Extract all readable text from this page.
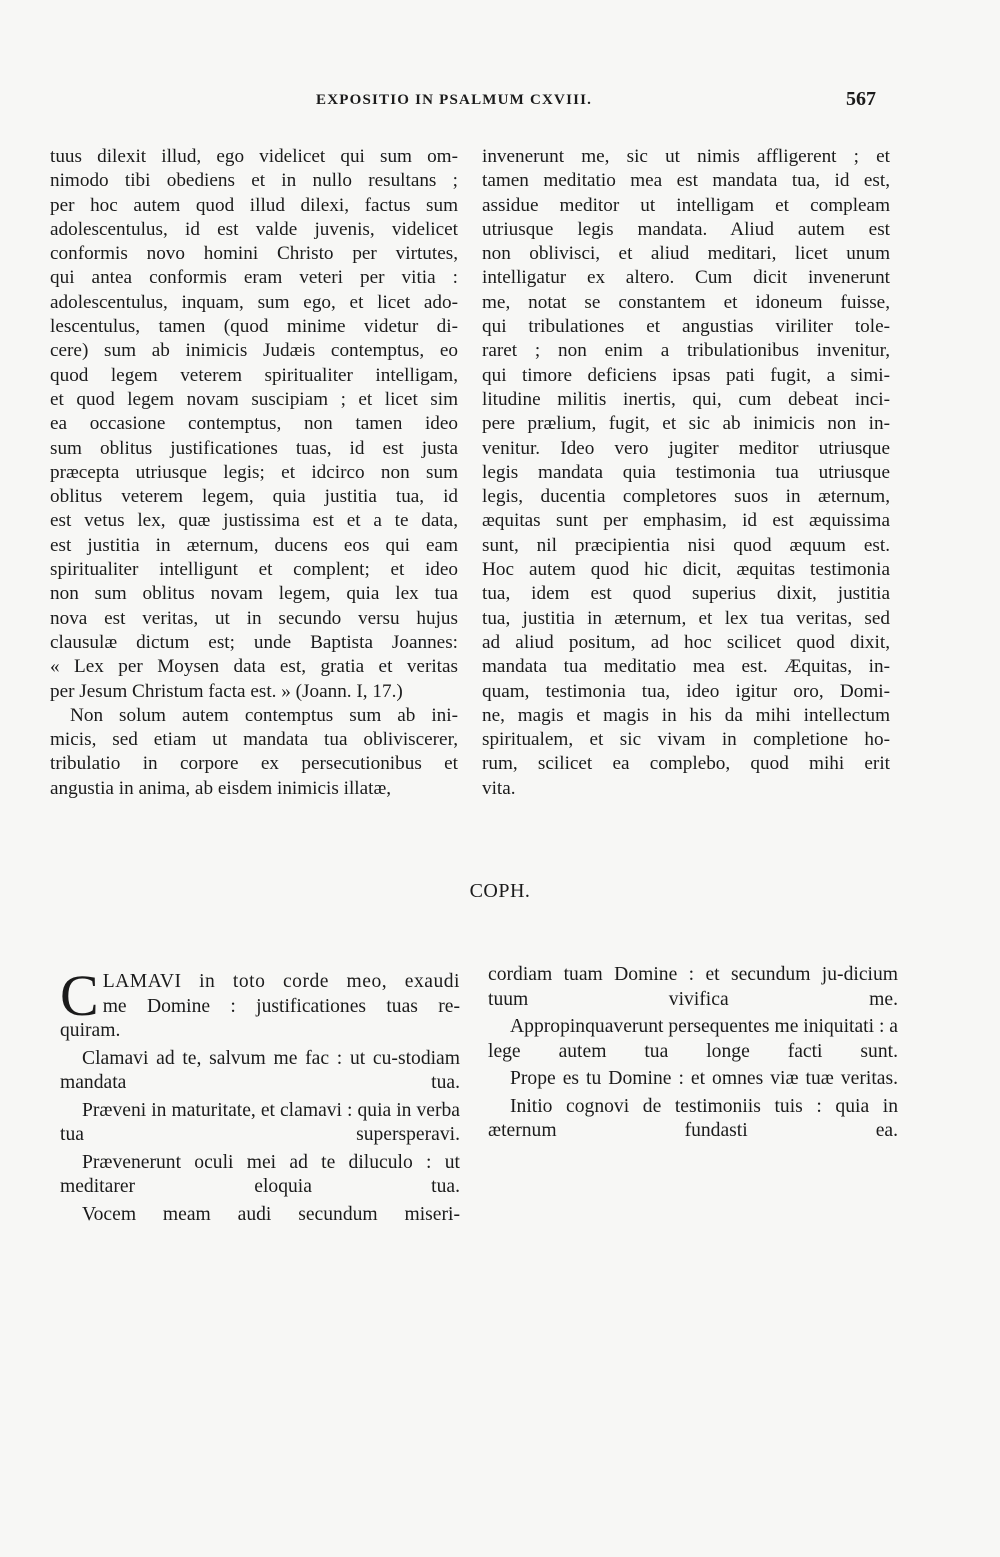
EXPOSITIO IN PSALMUM CXVIII.	567

tuus dilexit illud, ego videlicet qui sum om-

nimodo tibi obediens et in nullo resultans ;

per hoc autem quod illud dilexi, factus sum

adolescentulus, id est valde juvenis, videlicet

conformis novo homini Christo per virtutes,

qui antea conformis eram veteri per vitia :

adolescentulus, inquam, sum ego, et licet ado-

lescentulus, tamen (quod minime videtur di-

cere) sum ab inimicis Judæis contemptus, eo

quod legem veterem spiritualiter intelligam,

et quod legem novam suscipiam ; et licet sim

ea occasione contemptus, non tamen ideo

sum oblitus justificationes tuas, id est justa

præcepta utriusque legis; et idcirco non sum

oblitus veterem legem, quia justitia tua, id

est vetus lex, quæ justissima est et a te data,

est justitia in æternum, ducens eos qui eam

spiritualiter intelligunt et complent; et ideo

non sum oblitus novam legem, quia lex tua

nova est veritas, ut in secundo versu hujus

clausulæ dictum est; unde Baptista Joannes:

« Lex per Moysen data est, gratia et veritas

per Jesum Christum facta est. » (Joann. I, 17.)

Non solum autem contemptus sum ab ini-

micis, sed etiam ut mandata tua obliviscerer,

tribulatio in corpore ex persecutionibus et

angustia in anima, ab eisdem inimicis illatæ,

invenerunt me, sic ut nimis affligerent ; et

tamen meditatio mea est mandata tua, id est,

assidue meditor ut intelligam et compleam

utriusque legis mandata. Aliud autem est

non oblivisci, et aliud meditari, licet unum

intelligatur ex altero. Cum dicit invenerunt

me, notat se constantem et idoneum fuisse,

qui tribulationes et angustias viriliter tole-

raret ; non enim a tribulationibus invenitur,

qui timore deficiens ipsas pati fugit, a simi-

litudine militis inertis, qui, cum debeat inci-

pere prælium, fugit, et sic ab inimicis non in-

venitur. Ideo vero jugiter meditor utriusque

legis mandata quia testimonia tua utriusque

legis, ducentia completores suos in æternum,

æquitas sunt per emphasim, id est æquissima

sunt, nil præcipientia nisi quod æquum est.

Hoc autem quod hic dicit, æquitas testimonia

tua, idem est quod superius dixit, justitia

tua, justitia in æternum, et lex tua veritas, sed

ad aliud positum, ad hoc scilicet quod dixit,

mandata tua meditatio mea est. Æquitas, in-

quam, testimonia tua, ideo igitur oro, Domi-

ne, magis et magis in his da mihi intellectum

spiritualem, et sic vivam in completione ho-

rum, scilicet ea complebo, quod mihi erit

vita.

COPH.

C LAMAVI in toto corde meo, exaudi
me Domine : justificationes tuas re-
quiram.

Clamavi ad te, salvum me fac : ut cu-stodiam mandata tua.

Præveni in maturitate, et clamavi : quia in verba tua supersperavi.

Prævenerunt oculi mei ad te diluculo : ut meditarer eloquia tua.

Vocem meam audi secundum miseri-

cordiam tuam Domine : et secundum ju-dicium tuum vivifica me.

Appropinquaverunt persequentes me iniquitati : a lege autem tua longe facti sunt.

Prope es tu Domine : et omnes viæ tuæ veritas.

Initio cognovi de testimoniis tuis : quia in æternum fundasti ea.
